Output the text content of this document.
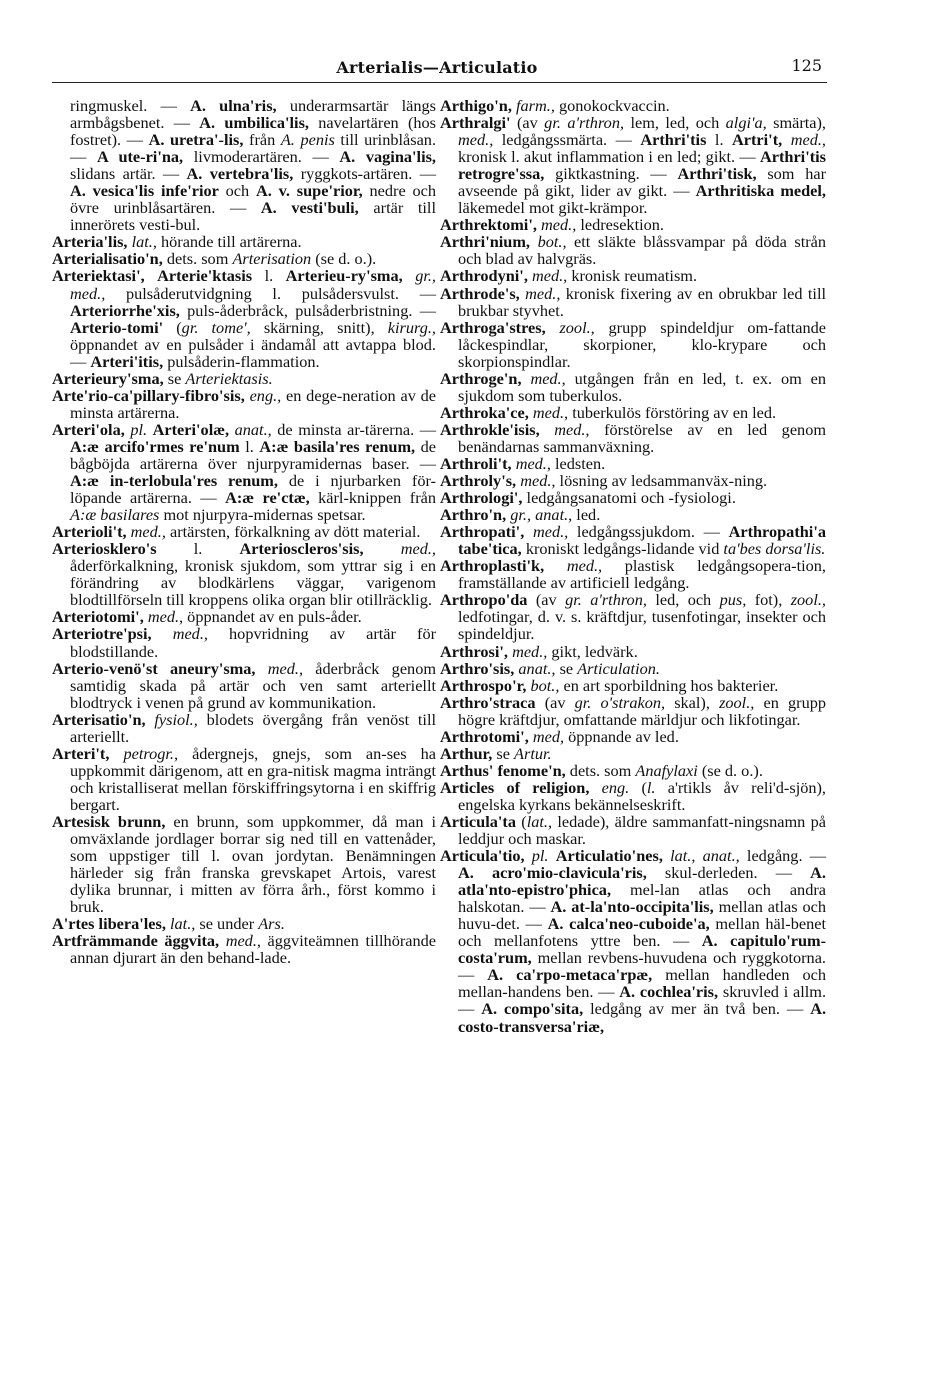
Arterialis—Articulatio	125

ringmuskel. — A. ulna'ris, underarmsartär längs armbågsbenet. — A. umbilica'lis, navelartären (hos fostret). — A. uretra'-lis, från A. penis till urinblåsan. — A ute-ri'na, livmoderartären. — A. vagina'lis, slidans artär. — A. vertebra'lis, ryggkots-artären. — A. vesica'lis infe'rior och A. v. supe'rior, nedre och övre urinblåsartären. — A. vesti'buli, artär till innerörets vesti-bul.

Arteria'lis, lat., hörande till artärerna.

Arterialisatio'n, dets. som Arterisation (se d. o.).

Arteriektasi', Arterie'ktasis l. Arterieu-ry'sma, gr., med., pulsåderutvidgning l. pulsådersvulst. — Arteriorrhe'xis, puls-åderbråck, pulsåderbristning. — Arterio-tomi' (gr. tome', skärning, snitt), kirurg., öppnandet av en pulsåder i ändamål att avtappa blod. — Arteri'itis, pulsåderin-flammation.

Arterieury'sma, se Arteriektasis.

Arte'rio-ca'pillary-fibro'sis, eng., en dege-neration av de minsta artärerna.

Arteri'ola, pl. Arteri'olæ, anat., de minsta ar-tärerna. — A:æ arcifo'rmes re'num l. A:æ basila'res renum, de bågböjda artärerna över njurpyramidernas baser. — A:æ in-terlobula'res renum, de i njurbarken för-löpande artärerna. — A:æ re'ctæ, kärl-knippen från A:æ basilares mot njurpyra-midernas spetsar.

Arterioli't, med., artärsten, förkalkning av dött material.

Arteriosklero's l. Arterioscleros'sis, med., åderförkalkning, kronisk sjukdom, som yttrar sig i en förändring av blodkärlens väggar, varigenom blodtillförseln till kroppens olika organ blir otillräcklig.

Arteriotomi', med., öppnandet av en puls-åder.

Arteriotre'psi, med., hopvridning av artär för blodstillande.

Arterio-venö'st aneury'sma, med., åderbråck genom samtidig skada på artär och ven samt arteriellt blodtryck i venen på grund av kommunikation.

Arterisatio'n, fysiol., blodets övergång från venöst till arteriellt.

Arteri't, petrogr., ådergnejs, gnejs, som an-ses ha uppkommit därigenom, att en gra-nitisk magma inträngt och kristalliserat mellan förskiffringsytorna i en skiffrig bergart.

Artesisk brunn, en brunn, som uppkommer, då man i omväxlande jordlager borrar sig ned till en vattenåder, som uppstiger till l. ovan jordytan. Benämningen härleder sig från franska grevskapet Artois, varest dylika brunnar, i mitten av förra årh., först kommo i bruk.

A'rtes libera'les, lat., se under Ars.

Artfrämmande äggvita, med., äggviteämnen tillhörande annan djurart än den behand-lade.

Arthigo'n, farm., gonokockvaccin.

Arthralgi' (av gr. a'rthron, lem, led, och algi'a, smärta), med., ledgångssmärta. — Arthri'tis l. Artri't, med., kronisk l. akut inflammation i en led; gikt. — Arthri'tis retrogre'ssa, giktkastning. — Arthri'tisk, som har avseende på gikt, lider av gikt. — Arthritiska medel, läkemedel mot gikt-krämpor.

Arthrektomi', med., ledresektion.

Arthri'nium, bot., ett släkte blåssvampar på döda strån och blad av halvgräs.

Arthrodyni', med., kronisk reumatism.

Arthrode's, med., kronisk fixering av en obrukbar led till brukbar styvhet.

Arthroga'stres, zool., grupp spindeldjur om-fattande låckespindlar, skorpioner, klo-krypare och skorpionspindlar.

Arthroge'n, med., utgången från en led, t. ex. om en sjukdom som tuberkulos.

Arthroka'ce, med., tuberkulös förstöring av en led.

Arthrokle'isis, med., förstörelse av en led genom benändarnas sammanväxning.

Arthroli't, med., ledsten.

Arthroly's, med., lösning av ledsammanväx-ning.

Arthrologi', ledgångsanatomi och -fysiologi.

Arthro'n, gr., anat., led.

Arthropati', med., ledgångssjukdom. — Arthropathi'a tabe'tica, kroniskt ledgångs-lidande vid ta'bes dorsa'lis.

Arthroplasti'k, med., plastisk ledgångsopera-tion, framställande av artificiell ledgång.

Arthropo'da (av gr. a'rthron, led, och pus, fot), zool., ledfotingar, d. v. s. kräftdjur, tusenfotingar, insekter och spindeldjur.

Arthrosi', med., gikt, ledvärk.

Arthro'sis, anat., se Articulation.

Arthrospo'r, bot., en art sporbildning hos bakterier.

Arthro'straca (av gr. o'strakon, skal), zool., en grupp högre kräftdjur, omfattande märldjur och likfotingar.

Arthrotomi', med, öppnande av led.

Arthur, se Artur.

Arthus' fenome'n, dets. som Anafylaxi (se d. o.).

Articles of religion, eng. (l. a'rtikls åv reli'd-sjön), engelska kyrkans bekännelseskrift.

Articula'ta (lat., ledade), äldre sammanfatt-ningsnamn på leddjur och maskar.

Articula'tio, pl. Articulatio'nes, lat., anat., ledgång. — A. acro'mio-clavicula'ris, skul-derleden. — A. atla'nto-epistro'phica, mel-lan atlas och andra halskotan. — A. at-la'nto-occipita'lis, mellan atlas och huvu-det. — A. calca'neo-cuboide'a, mellan häl-benet och mellanfotens yttre ben. — A. capitulo'rum-costa'rum, mellan revbens-huvudena och ryggkotorna. — A. ca'rpo-metaca'rpæ, mellan handleden och mellan-handens ben. — A. cochlea'ris, skruvled i allm. — A. compo'sita, ledgång av mer än två ben. — A. costo-transversa'riæ,
